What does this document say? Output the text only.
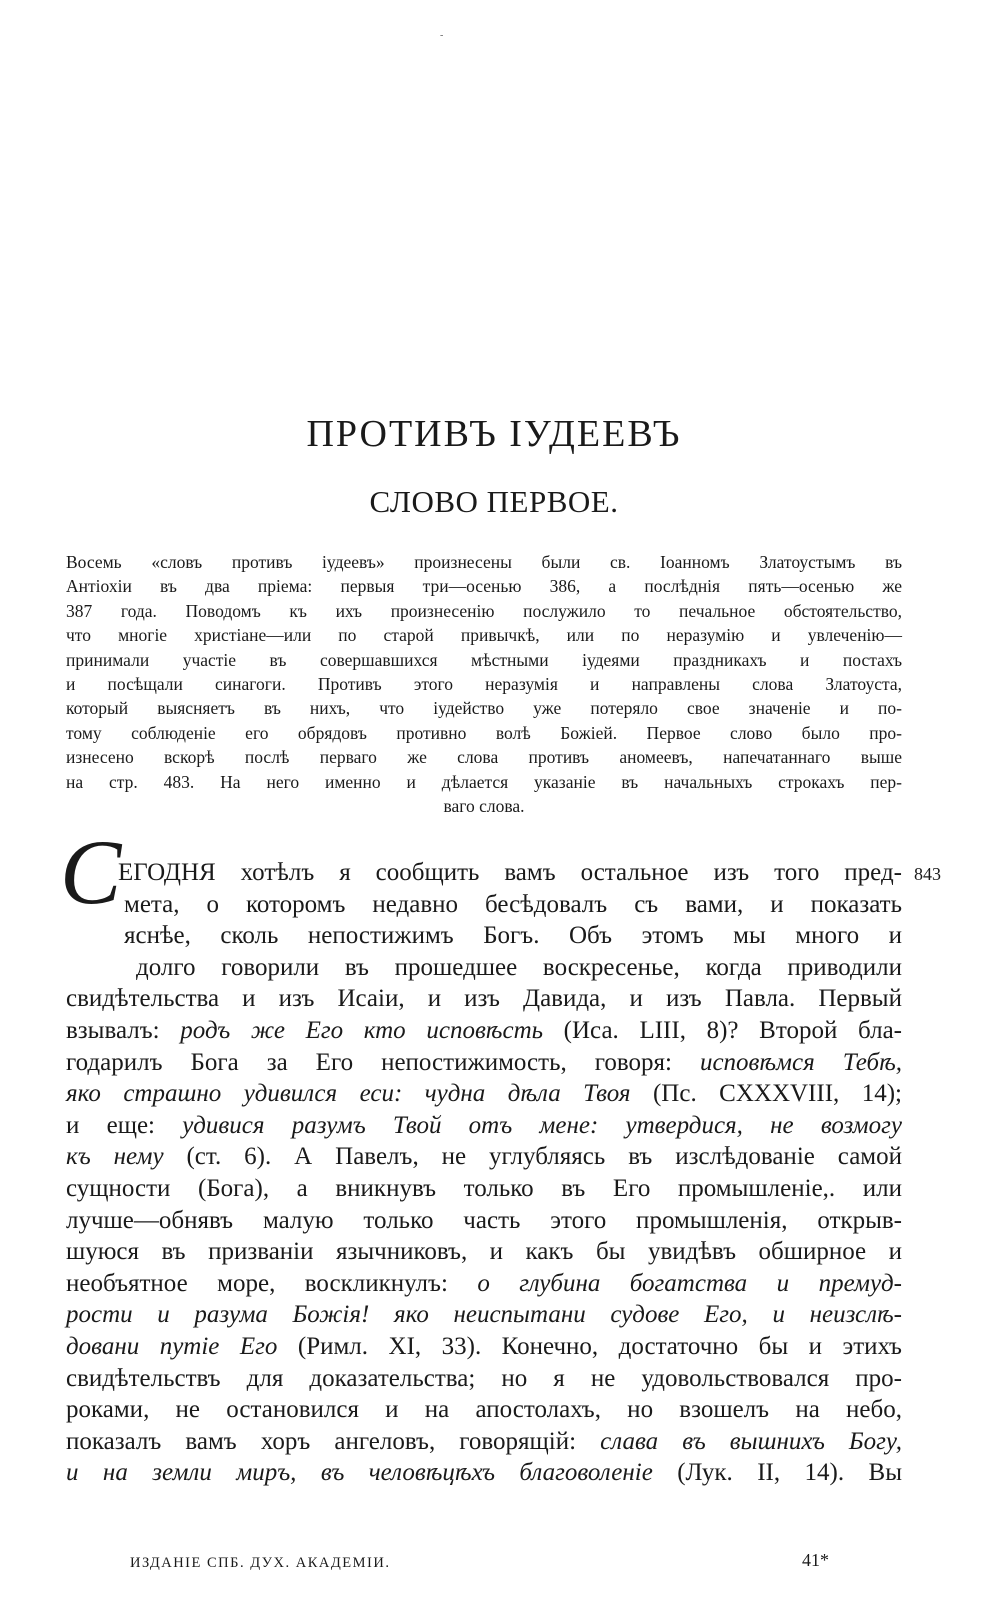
‐
ПРОТИВЪ ІУДЕЕВЪ
СЛОВО ПЕРВОЕ.
Восемь «словъ противъ іудеевъ» произнесены были св. Іоанномъ Златоустымъ въ
Антіохіи въ два пріема: первыя три—осенью 386, а послѣднія пять—осенью же
387 года. Поводомъ къ ихъ произнесенію послужило то печальное обстоятельство,
что многіе христіане—или по старой привычкѣ, или по неразумію и увлеченію—
принимали участіе въ совершавшихся мѣстными іудеями праздникахъ и постахъ
и посѣщали синагоги. Противъ этого неразумія и направлены слова Златоуста,
который выясняетъ въ нихъ, что іудейство уже потеряло свое значеніе и по-
тому соблюденіе его обрядовъ противно волѣ Божіей. Первое слово было про-
изнесено вскорѣ послѣ перваго же слова противъ аномеевъ, напечатаннаго выше
на стр. 483. На него именно и дѣлается указаніе въ начальныхъ строкахъ пер-
ваго слова.
С
ЕГОДНЯ хотѣлъ я сообщить вамъ остальное изъ того пред-
мета, о которомъ недавно бесѣдовалъ съ вами, и показать
яснѣе, сколь непостижимъ Богъ. Объ этомъ мы много и
долго говорили въ прошедшее воскресенье, когда приводили
свидѣтельства и изъ Исаіи, и изъ Давида, и изъ Павла. Первый
взывалъ: родъ же Его кто исповѣсть (Иса. LIII, 8)? Второй бла-
годарилъ Бога за Его непостижимость, говоря: исповѣмся Тебѣ,
яко страшно удивился еси: чудна дѣла Твоя (Пс. CXXXVIII, 14);
и еще: удивися разумъ Твой отъ мене: утвердися, не возмогу
къ нему (ст. 6). А Павелъ, не углубляясь въ изслѣдованіе самой
сущности (Бога), а вникнувъ только въ Его промышленіе,. или
лучше—обнявъ малую только часть этого промышленія, открыв-
шуюся въ призваніи язычниковъ, и какъ бы увидѣвъ обширное и
необъятное море, воскликнулъ: о глубина богатства и премуд-
рости и разума Божія! яко неиспытани судове Его, и неизслѣ-
довани путіе Его (Римл. XI, 33). Конечно, достаточно бы и этихъ
свидѣтельствъ для доказательства; но я не удовольствовался про-
роками, не остановился и на апостолахъ, но взошелъ на небо,
показалъ вамъ хоръ ангеловъ, говорящій: слава въ вышнихъ Богу,
и на земли миръ, въ человѣцѣхъ благоволеніе (Лук. II, 14). Вы
843
ИЗДАНІЕ СПБ. ДУХ. АКАДЕМІИ.	41*
